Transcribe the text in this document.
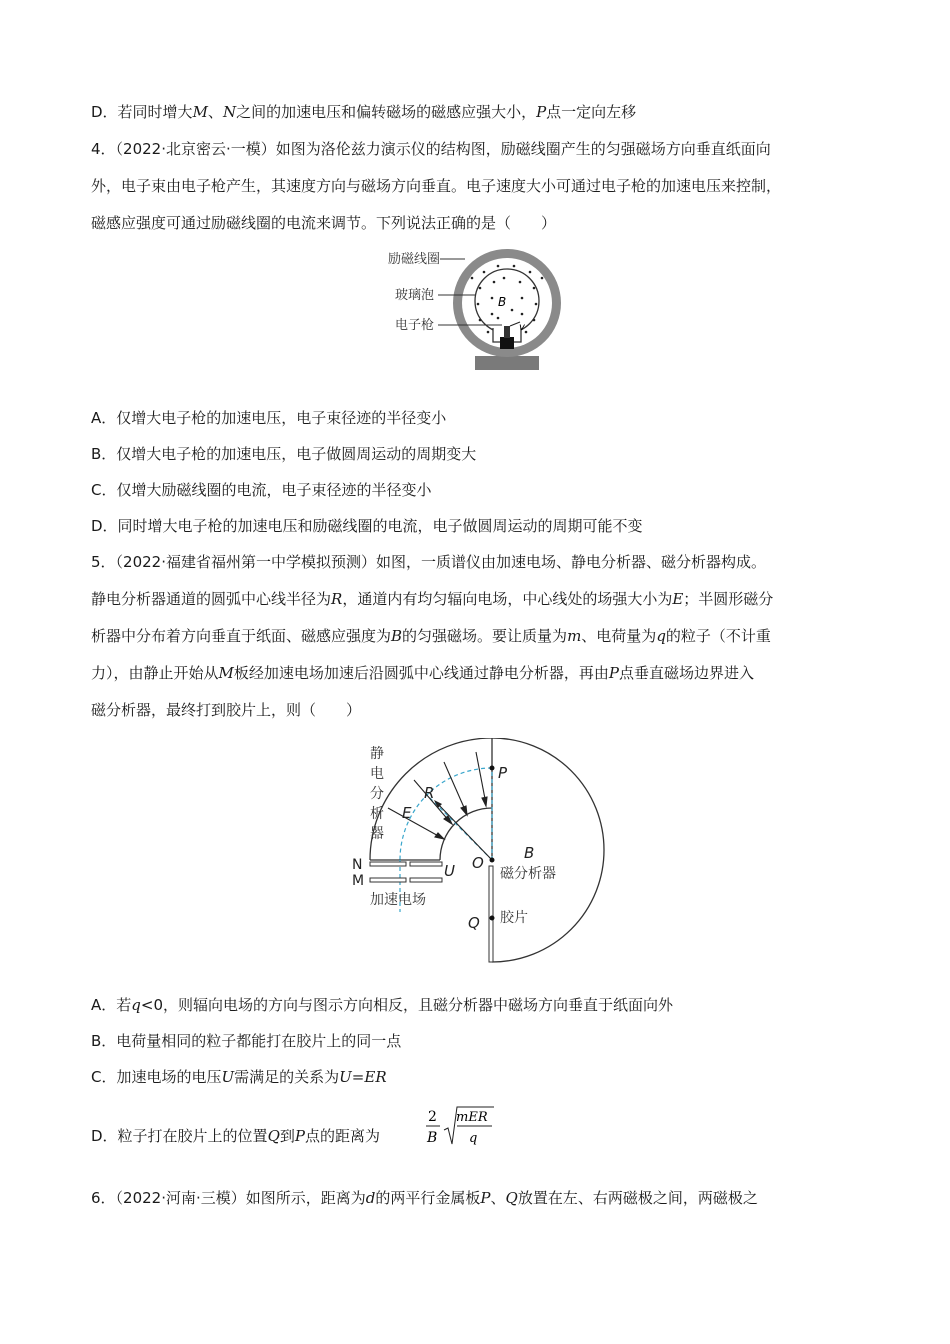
D．若同时增大M、N之间的加速电压和偏转磁场的磁感应强大小，P点一定向左移
4．（2022·北京密云·一模）如图为洛伦兹力演示仪的结构图，励磁线圈产生的匀强磁场方向垂直纸面向
外，电子束由电子枪产生，其速度方向与磁场方向垂直。电子速度大小可通过电子枪的加速电压来控制，
磁感应强度可通过励磁线圈的电流来调节。下列说法正确的是（　　）
B
v
励磁线圈
玻璃泡
电子枪
A．仅增大电子枪的加速电压，电子束径迹的半径变小
B．仅增大电子枪的加速电压，电子做圆周运动的周期变大
C．仅增大励磁线圈的电流，电子束径迹的半径变小
D．同时增大电子枪的加速电压和励磁线圈的电流，电子做圆周运动的周期可能不变
5．（2022·福建省福州第一中学模拟预测）如图，一质谱仪由加速电场、静电分析器、磁分析器构成。
静电分析器通道的圆弧中心线半径为R，通道内有均匀辐向电场，中心线处的场强大小为E；半圆形磁分
析器中分布着方向垂直于纸面、磁感应强度为B的匀强磁场。要让质量为m、电荷量为q的粒子（不计重
力），由静止开始从M板经加速电场加速后沿圆弧中心线通过静电分析器，再由P点垂直磁场边界进入
磁分析器，最终打到胶片上，则（　　）
静
电
分
析
器
P
R
E
O
B
磁分析器
N
M
U
加速电场
Q 胶片
A．若q<0，则辐向电场的方向与图示方向相反，且磁分析器中磁场方向垂直于纸面向外
B．电荷量相同的粒子都能打在胶片上的同一点
C．加速电场的电压U需满足的关系为U=ER
D．粒子打在胶片上的位置Q到P点的距离为
2
B
mER
q
6．（2022·河南·三模）如图所示，距离为d的两平行金属板P、Q放置在左、右两磁极之间，两磁极之
